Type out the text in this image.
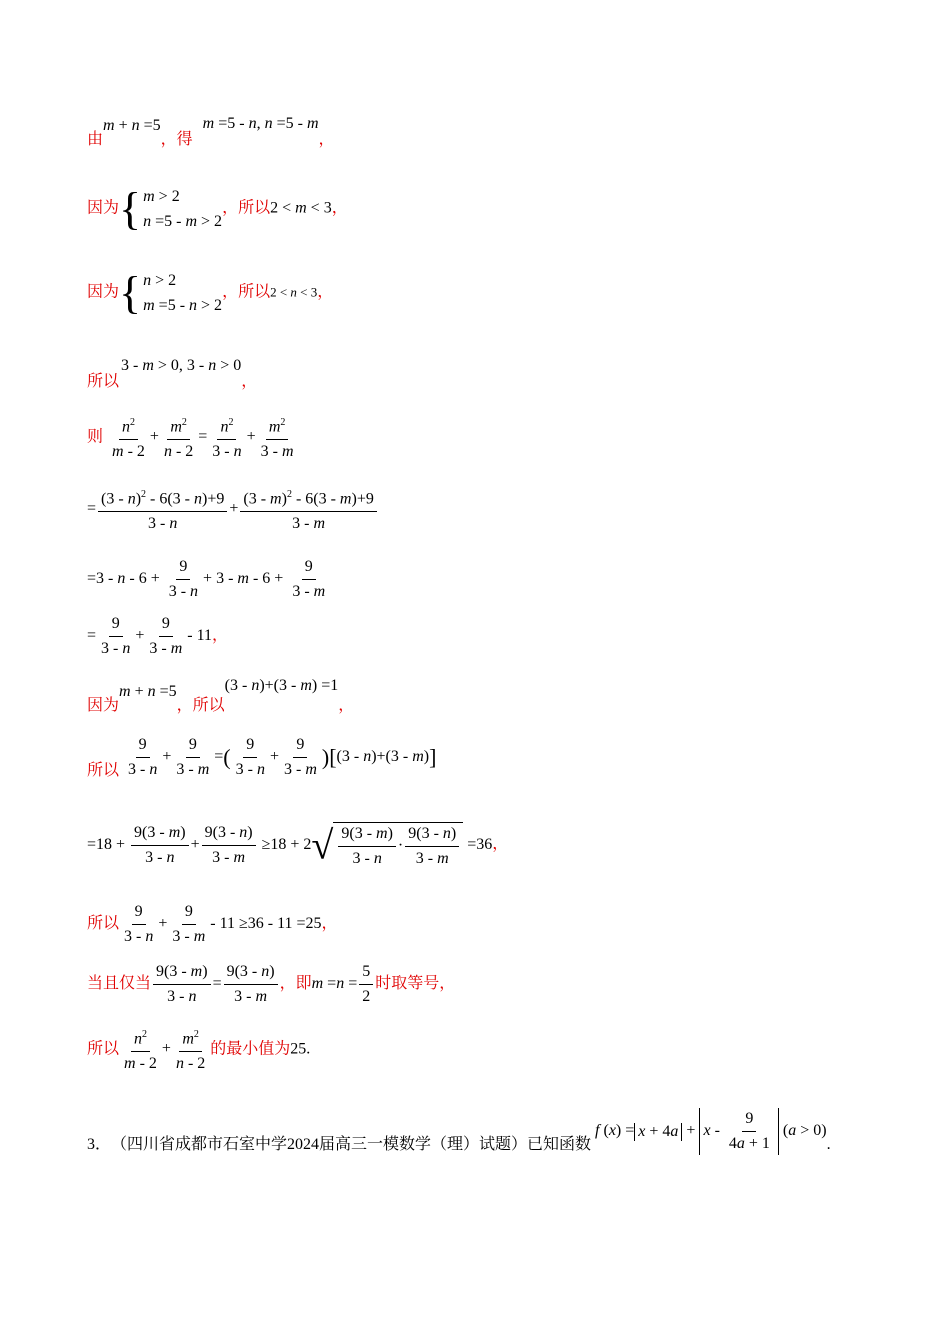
由m + n =5，得 m =5 - n, n =5 - m，
因为{ m > 2
n =5 - m > 2
，所以2 < m < 3，
因为{ n > 2
m =5 - n > 2
，所以2 < n < 3，
所以3 - m > 0, 3 - n > 0，
则 $\frac{n^2}{m - 2} + \frac{m^2}{n - 2} = \frac{n^2}{3 - n} + \frac{m^2}{3 - m}$
= $\frac{(3 - n)^2 - 6(3 - n)+9}{3 - n} + \frac{(3 - m)^2 - 6(3 - m)+9}{3 - m}$
$=3 - n - 6 + \frac{9}{3 - n} + 3 - m - 6 + \frac{9}{3 - m}$
= $\frac{9}{3 - n} + \frac{9}{3 - m} - 11$，
因为m + n =5，所以(3 - n)+(3 - m) =1，
所以 $\frac{9}{3 - n} + \frac{9}{3 - m}$ =( $\frac{9}{3 - n} + \frac{9}{3 - m} )[(3 - n)+(3 - m)]$
$=18 + \frac{9(3 - m)}{3 - n} + \frac{9(3 - n)}{3 - m} \ge 18 + 2√ \frac{9(3 - m)}{3 - n} \cdot \frac{9(3 - n)}{3 - m} =36$，
所以 $\frac{9}{3 - n} + \frac{9}{3 - m} - 11 \ge 36 - 11 =25$，
当且仅当 $\frac{9(3 - m)}{3 - n} = \frac{9(3 - n)}{3 - m}$ ，即$m =n = \frac{5}{2}$ 时取等号，
所以 $\frac{n^2}{m - 2} + \frac{m^2}{n - 2}$ 的最小值为25.
3． （四川省成都市石室中学2024届高三一模数学（理）试题）已知函数f $(x) = x + 4a + x - \frac{9}{4a + 1} (a > 0)$.
